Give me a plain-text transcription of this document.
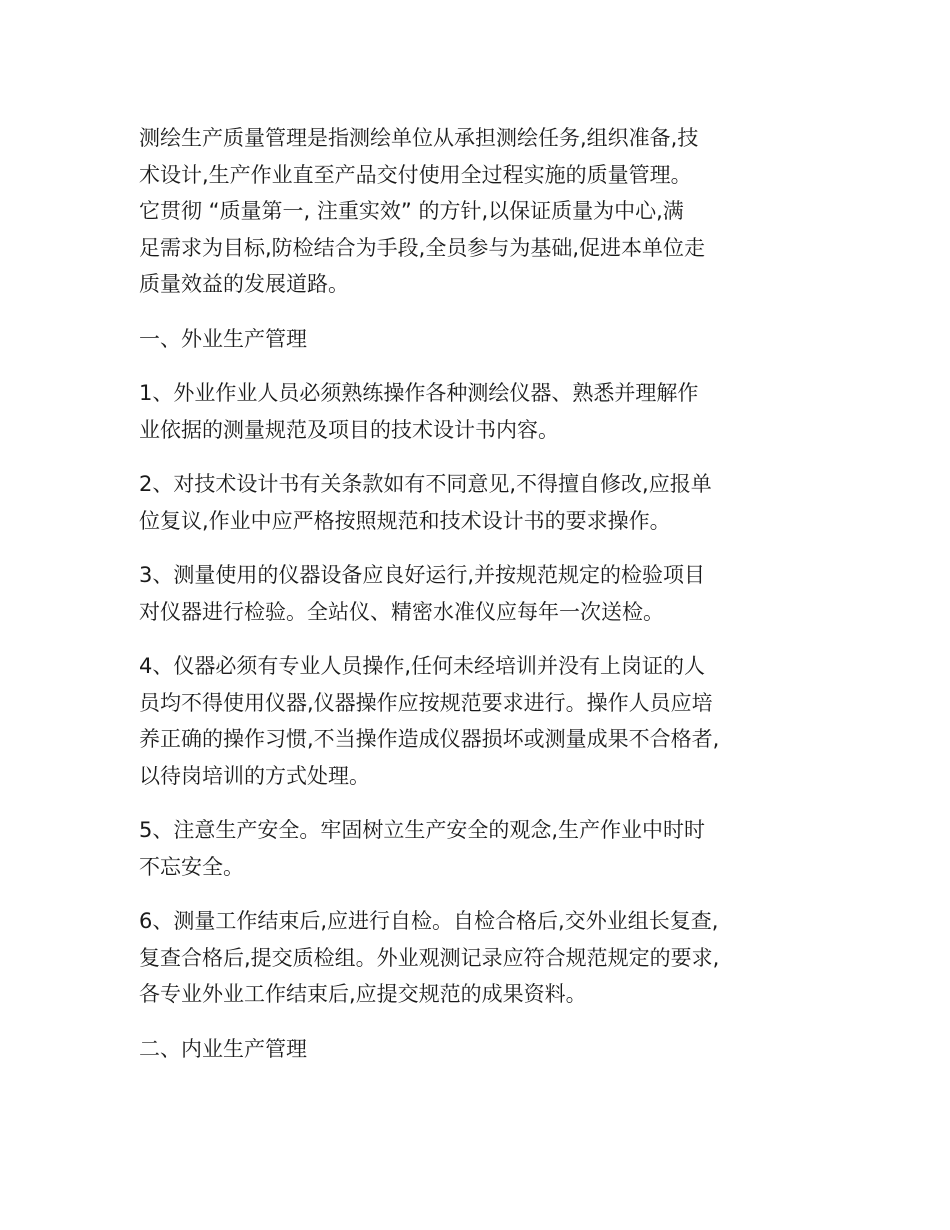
测绘生产质量管理是指测绘单位从承担测绘任务,组织准备,技
术设计,生产作业直至产品交付使用全过程实施的质量管理。
它贯彻 “质量第一, 注重实效” 的方针,以保证质量为中心,满
足需求为目标,防检结合为手段,全员参与为基础,促进本单位走
质量效益的发展道路。

一、外业生产管理

1、外业作业人员必须熟练操作各种测绘仪器、熟悉并理解作
业依据的测量规范及项目的技术设计书内容。

2、对技术设计书有关条款如有不同意见,不得擅自修改,应报单
位复议,作业中应严格按照规范和技术设计书的要求操作。

3、测量使用的仪器设备应良好运行,并按规范规定的检验项目
对仪器进行检验。全站仪、精密水准仪应每年一次送检。

4、仪器必须有专业人员操作,任何未经培训并没有上岗证的人
员均不得使用仪器,仪器操作应按规范要求进行。操作人员应培
养正确的操作习惯,不当操作造成仪器损坏或测量成果不合格者,
以待岗培训的方式处理。

5、注意生产安全。牢固树立生产安全的观念,生产作业中时时
不忘安全。

6、测量工作结束后,应进行自检。自检合格后,交外业组长复查,
复查合格后,提交质检组。外业观测记录应符合规范规定的要求,
各专业外业工作结束后,应提交规范的成果资料。

二、内业生产管理
